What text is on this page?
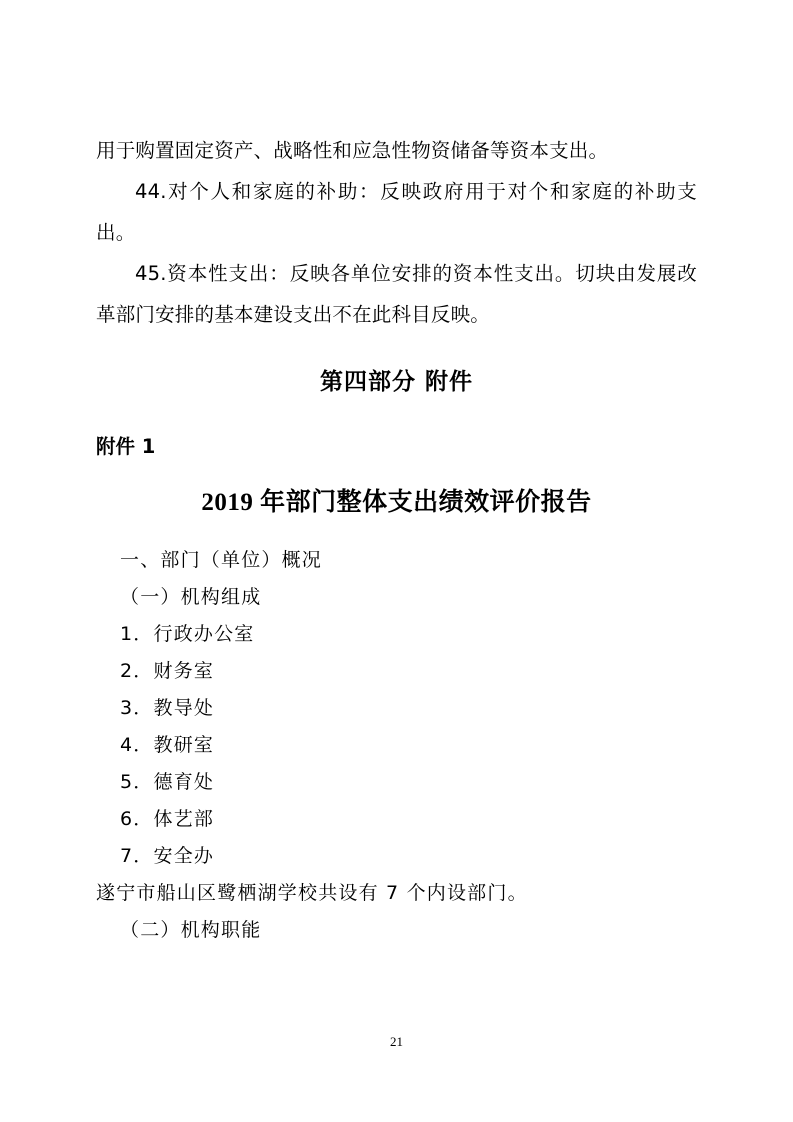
用于购置固定资产、战略性和应急性物资储备等资本支出。

44.对个人和家庭的补助：反映政府用于对个和家庭的补助支出。

45.资本性支出：反映各单位安排的资本性支出。切块由发展改革部门安排的基本建设支出不在此科目反映。

第四部分 附件

附件 1

2019 年部门整体支出绩效评价报告

一、部门（单位）概况

（一）机构组成

1．行政办公室

2．财务室

3．教导处

4．教研室

5．德育处

6．体艺部

7．安全办

遂宁市船山区鹭栖湖学校共设有 7 个内设部门。

（二）机构职能

21
